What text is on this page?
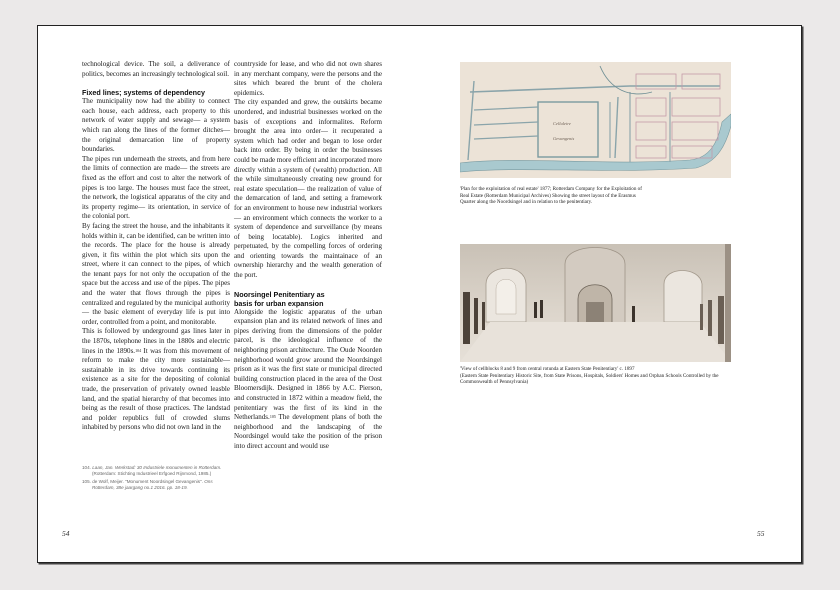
technological device. The soil, a deliverance of politics, becomes an increasingly technological soil.

Fixed lines; systems of dependency

The municipality now had the ability to connect each house, each address, each property to this network of water supply and sewage— a system which ran along the lines of the former ditches— the original demarcation line of property boundaries.

The pipes run underneath the streets, and from here the limits of connection are made— the streets are fixed as the effort and cost to alter the network of pipes is too large. The houses must face the street, the network, the logistical apparatus of the city and its property regime— its orientation, in service of the colonial port.

By facing the street the house, and the inhabitants it holds within it, can be identified, can be written into the records. The place for the house is already given, it fits within the plot which sits upon the street, where it can connect to the pipes, of which the tenant pays for not only the occupation of the space but the access and use of the pipes. The pipes and the water that flows through the pipes is centralized and regulated by the municipal authority— the basic element of everyday life is put into order, controlled from a point, and monitorable.

This is followed by underground gas lines later in the 1870s, telephone lines in the 1880s and electric lines in the 1890s.$^{104}$ It was from this movement of reform to make the city more sustainable— sustainable in its drive towards continuing its existence as a site for the depositing of colonial trade, the preservation of privately owned leasble land, and the spatial hierarchy of that becomes into being as the result of those practices. The landstad and polder republics full of crowded slums inhabited by persons who did not own land in the

countryside for lease, and who did not own shares in any merchant company, were the persons and the sites which beared the brunt of the cholera epidemics.

The city expanded and grew, the outskirts became unordered, and industrial businesses worked on the basis of exceptions and informalites. Reform brought the area into order— it recuperated a system which had order and began to lose order back into order. By being in order the businesses could be made more efficient and incorporated more directly within a system of (wealth) production. All the while simultaneously creating new ground for real estate speculation— the realization of value of the demarcation of land, and setting a framework for an environment to house new industrial workers— an environment which connects the worker to a system of dependence and surveillance (by means of being locatable). Logics inherited and perpetuated, by the compelling forces of ordering and orienting towards the maintainace of an ownership hierarchy and the wealth generation of the port.

Noorsingel Penitentiary as
basis for urban expansion

Alongside the logistic apparatus of the urban expansion plan and its related network of lines and pipes deriving from the dimensions of the polder parcel, is the ideological influence of the neighboring prison architecture. The Oude Noorden neighborhood would grow around the Noordsingel prison as it was the first state or municipal directed building construction placed in the area of the Oost Bloomersdijk. Designed in 1866 by A.C. Pierson, and constructed in 1872 within a meadow field, the penitentiary was the first of its kind in the Netherlands.$^{105}$ The development plans of both the neighborhood and the landscaping of the Noordsingel would take the position of the prison into direct account and would use

104. Laan, Jan. Werkstad: 30 Industriele monumenten in Rotterdam. (Rotterdam: Stichting Industrieel Erfgoed Rijnmond, 1985.)
105. de Wolf, Meijer. "Monument Noordsingel Gevangenis". Ons Rotterdam, 38e jaargang no.1 2016. pp. 18-19.
54
Celluleire
Gevangenis
'Plan for the exploitation of real estate' 1877; Rotterdam Company for the Exploitation of Real Estate (Rotterdam Municipal Archives) Showing the street layout of the Erasmus Quarter along the Noordsingel and in relation to the penitentiary.
'View of cellblocks 8 and 9 from central rotunda at Eastern State Penitentiary' c. 1897
(Eastern State Penitentiary Historic Site, from State Prisons, Hospitals, Soldiers' Homes and Orphan Schools Controlled by the Commonwealth of Pennsylvania)
55
